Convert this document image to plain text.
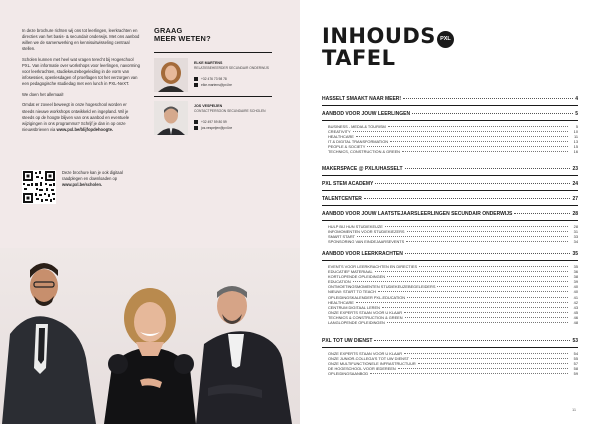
In deze brochure richten wij ons tot leerlingen, leerkrachten en directies van het basis- & secundair onderwijs. Met ons aanbod willen we de samenwerking en kennisuitwisseling centraal stellen.

Scholen kunnen met heel wat vragen terecht bij Hogeschool PXL. Van informatie over workshops voor leerlingen, navorming voor leerkrachten, studiekeuzebegeleiding in de vorm van infosessies, openlesdagen of proeflagen tot het verzorgen van een pedagogische studiedag met een lunch in PXL-NeXT.

We doen het allemaal!

Omdat er zoveel beweegt in onze hogeschool worden er steeds nieuwe workshops ontwikkeld en ingepland. Wil je steeds op de hoogte blijven van ons aanbod en eventuele wijzigingen in ons programma? Schrijf je dan in op onze nieuwsbrieven via www.pxl.be/blijfopdehoogte.

Deze brochure kan je ook digitaal raadplegen en downloaden op www.pxl.be/scholen.
GRAAG
MEER WETEN?
ELKE MARTENS
RELATIEBEHEERDER SECUNDAIR ONDERWIJS
+32 476 73 98 78
elke.martens@pxl.be
JOS VESPEIJEN
CONTACTPERSOON SECUNDAIRE SCHOLEN
+32 497 59 80 59
jos.vespeijen@pxl.be
INHOUDS PXL
TAFEL
HASSELT SMAAKT NAAR MEER!	4
AANBOD VOOR JOUW LEERLINGEN	5
BUSINESS - MEDIA & TOURISM	5
CREATIVITY	10
HEALTHCARE	11
IT & DIGITAL TRANSFORMATION	13
PEOPLE & SOCIETY	15
TECHNICS, CONSTRUCTION & GREEN	16
MAKERSPACE @ PXL/UHASSELT	23
PXL STEM ACADEMY	24
TALENTCENTER	27
AANBOD VOOR JOUW LAATSTEJAARSLEERLINGEN SECUNDAIR ONDERWIJS	28
HULP BIJ HUN STUDIEKEUZE	28
INFOMOMENTEN VOOR STUDIEKIEZERS	31
SMART START	33
SPONSORING VAN EINDEJAARSEVENTS	34
AANBOD VOOR LEERKRACHTEN	35
EVENTS VOOR LEERKRACHTEN EN DIRECTIES	35
EDUCATIEF MATERIAAL	36
KORTLOPENDE OPLEIDINGEN	38
EDUCATION	39
ONTMOETINGSMOMENTEN STUDIEKEUZEBEGELEIDERS	40
NIEUW: START TO TEACH	40
OPLEIDINGSKALENDER PXL-EDUCATION	41
HEALTHCARE	42
CENTRUM DIGITAAL LEREN	43
ONZE EXPERTS STAAN VOOR U KLAAR	45
TECHNICS & CONSTRUCTION & GREEN	46
LANGLOPENDE OPLEIDINGEN	48
PXL TOT UW DIENST	53
ONZE EXPERTS STAAN VOOR U KLAAR	54
ONZE JUNIOR-COLLEGA'S TOT UW DIENST	55
ONZE MULTIFUNCTIONELE INFRASTRUCTUUR	57
DE HOGESCHOOL VOOR IEDEREEN	58
OPLEIDINGSAANBOD	59
11
